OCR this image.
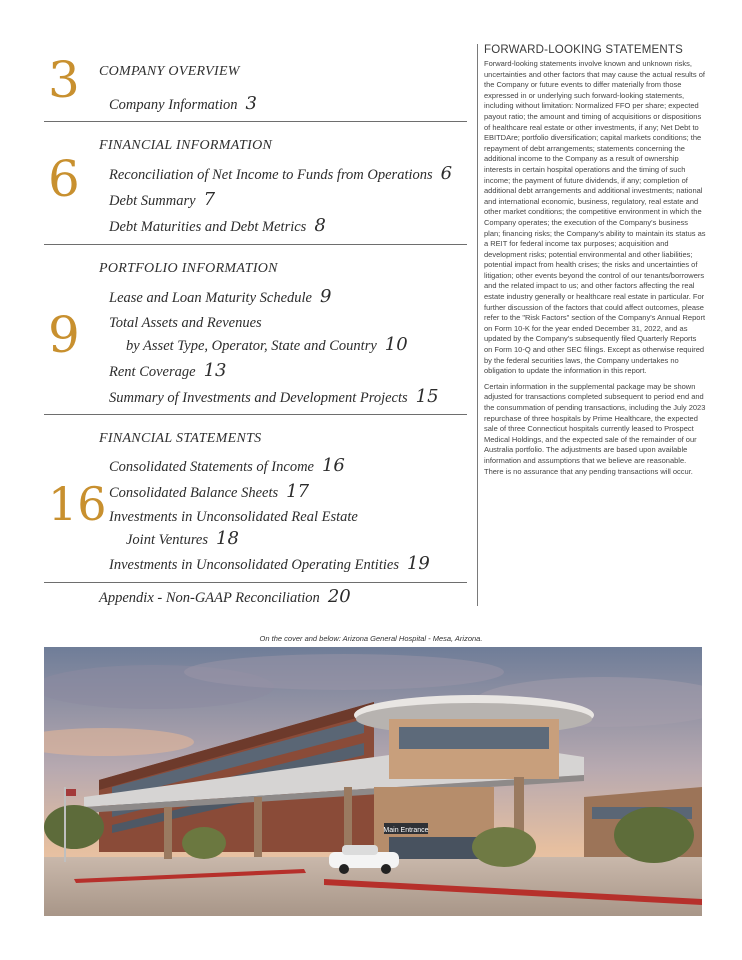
3 COMPANY OVERVIEW
Company Information 3
6
FINANCIAL INFORMATION
Reconciliation of Net Income to Funds from Operations 6
Debt Summary 7
Debt Maturities and Debt Metrics 8
9
PORTFOLIO INFORMATION
Lease and Loan Maturity Schedule 9
Total Assets and Revenues
by Asset Type, Operator, State and Country 10
Rent Coverage 13
Summary of Investments and Development Projects 15
16
FINANCIAL STATEMENTS
Consolidated Statements of Income 16
Consolidated Balance Sheets 17
Investments in Unconsolidated Real Estate
Joint Ventures 18
Investments in Unconsolidated Operating Entities 19
Appendix - Non-GAAP Reconciliation 20
FORWARD-LOOKING STATEMENTS

Forward-looking statements involve known and unknown risks, uncertainties and other factors that may cause the actual results of the Company or future events to differ materially from those expressed in or underlying such forward-looking statements, including without limitation: Normalized FFO per share; expected payout ratio; the amount and timing of acquisitions or dispositions of healthcare real estate or other investments, if any; Net Debt to EBITDAre; portfolio diversification; capital markets conditions; the repayment of debt arrangements; statements concerning the additional income to the Company as a result of ownership interests in certain hospital operations and the timing of such income; the payment of future dividends, if any; completion of additional debt arrangements and additional investments; national and international economic, business, regulatory, real estate and other market conditions; the competitive environment in which the Company operates; the execution of the Company's business plan; financing risks; the Company's ability to maintain its status as a REIT for federal income tax purposes; acquisition and development risks; potential environmental and other liabilities; potential impact from health crises; the risks and uncertainties of litigation; other events beyond the control of our tenants/borrowers and the related impact to us; and other factors affecting the real estate industry generally or healthcare real estate in particular. For further discussion of the factors that could affect outcomes, please refer to the "Risk Factors" section of the Company's Annual Report on Form 10-K for the year ended December 31, 2022, and as updated by the Company's subsequently filed Quarterly Reports on Form 10-Q and other SEC filings. Except as otherwise required by the federal securities laws, the Company undertakes no obligation to update the information in this report.

Certain information in the supplemental package may be shown adjusted for transactions completed subsequent to period end and the consummation of pending transactions, including the July 2023 repurchase of three hospitals by Prime Healthcare, the expected sale of three Connecticut hospitals currently leased to Prospect Medical Holdings, and the expected sale of the remainder of our Australia portfolio. The adjustments are based upon available information and assumptions that we believe are reasonable. There is no assurance that any pending transactions will occur.

On the cover and below: Arizona General Hospital - Mesa, Arizona.
Main Entrance
